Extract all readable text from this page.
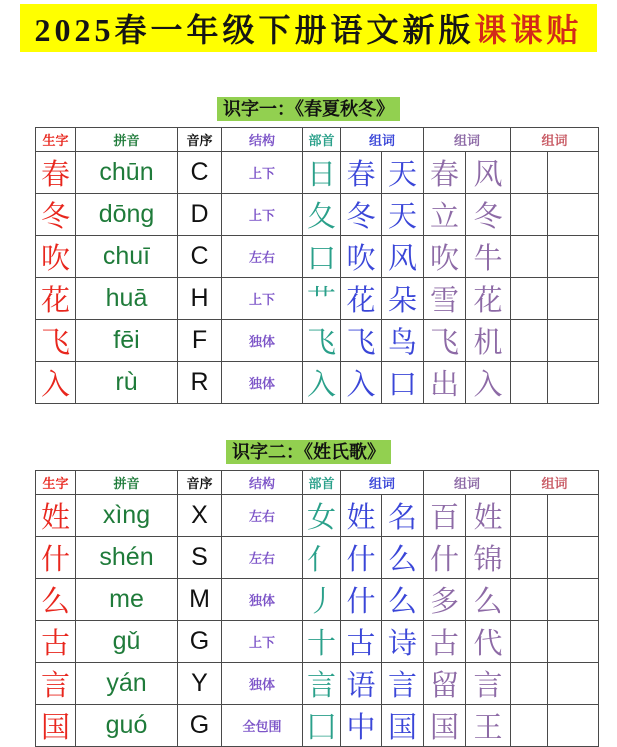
2025春一年级下册语文新版 课课贴
识字一：《春夏秋冬》
生字	拼音	音序	结构	部首	组词		组词		组词	
春	chūn	C	上下	日	春	天	春	风		
冬	dōng	D	上下	夂	冬	天	立	冬		
吹	chuī	C	左右	口	吹	风	吹	牛		
花	huā	H	上下	艹	花	朵	雪	花		
飞	fēi	F	独体	飞	飞	鸟	飞	机		
入	rù	R	独体	入	入	口	出	入		
识字二：《姓氏歌》
生字	拼音	音序	结构	部首	组词		组词		组词	
姓	xìng	X	左右	女	姓	名	百	姓		
什	shén	S	左右	亻	什	么	什	锦		
么	me	M	独体	丿	什	么	多	么		
古	gǔ	G	上下	十	古	诗	古	代		
言	yán	Y	独体	言	语	言	留	言		
国	guó	G	全包围	囗	中	国	国	王		
